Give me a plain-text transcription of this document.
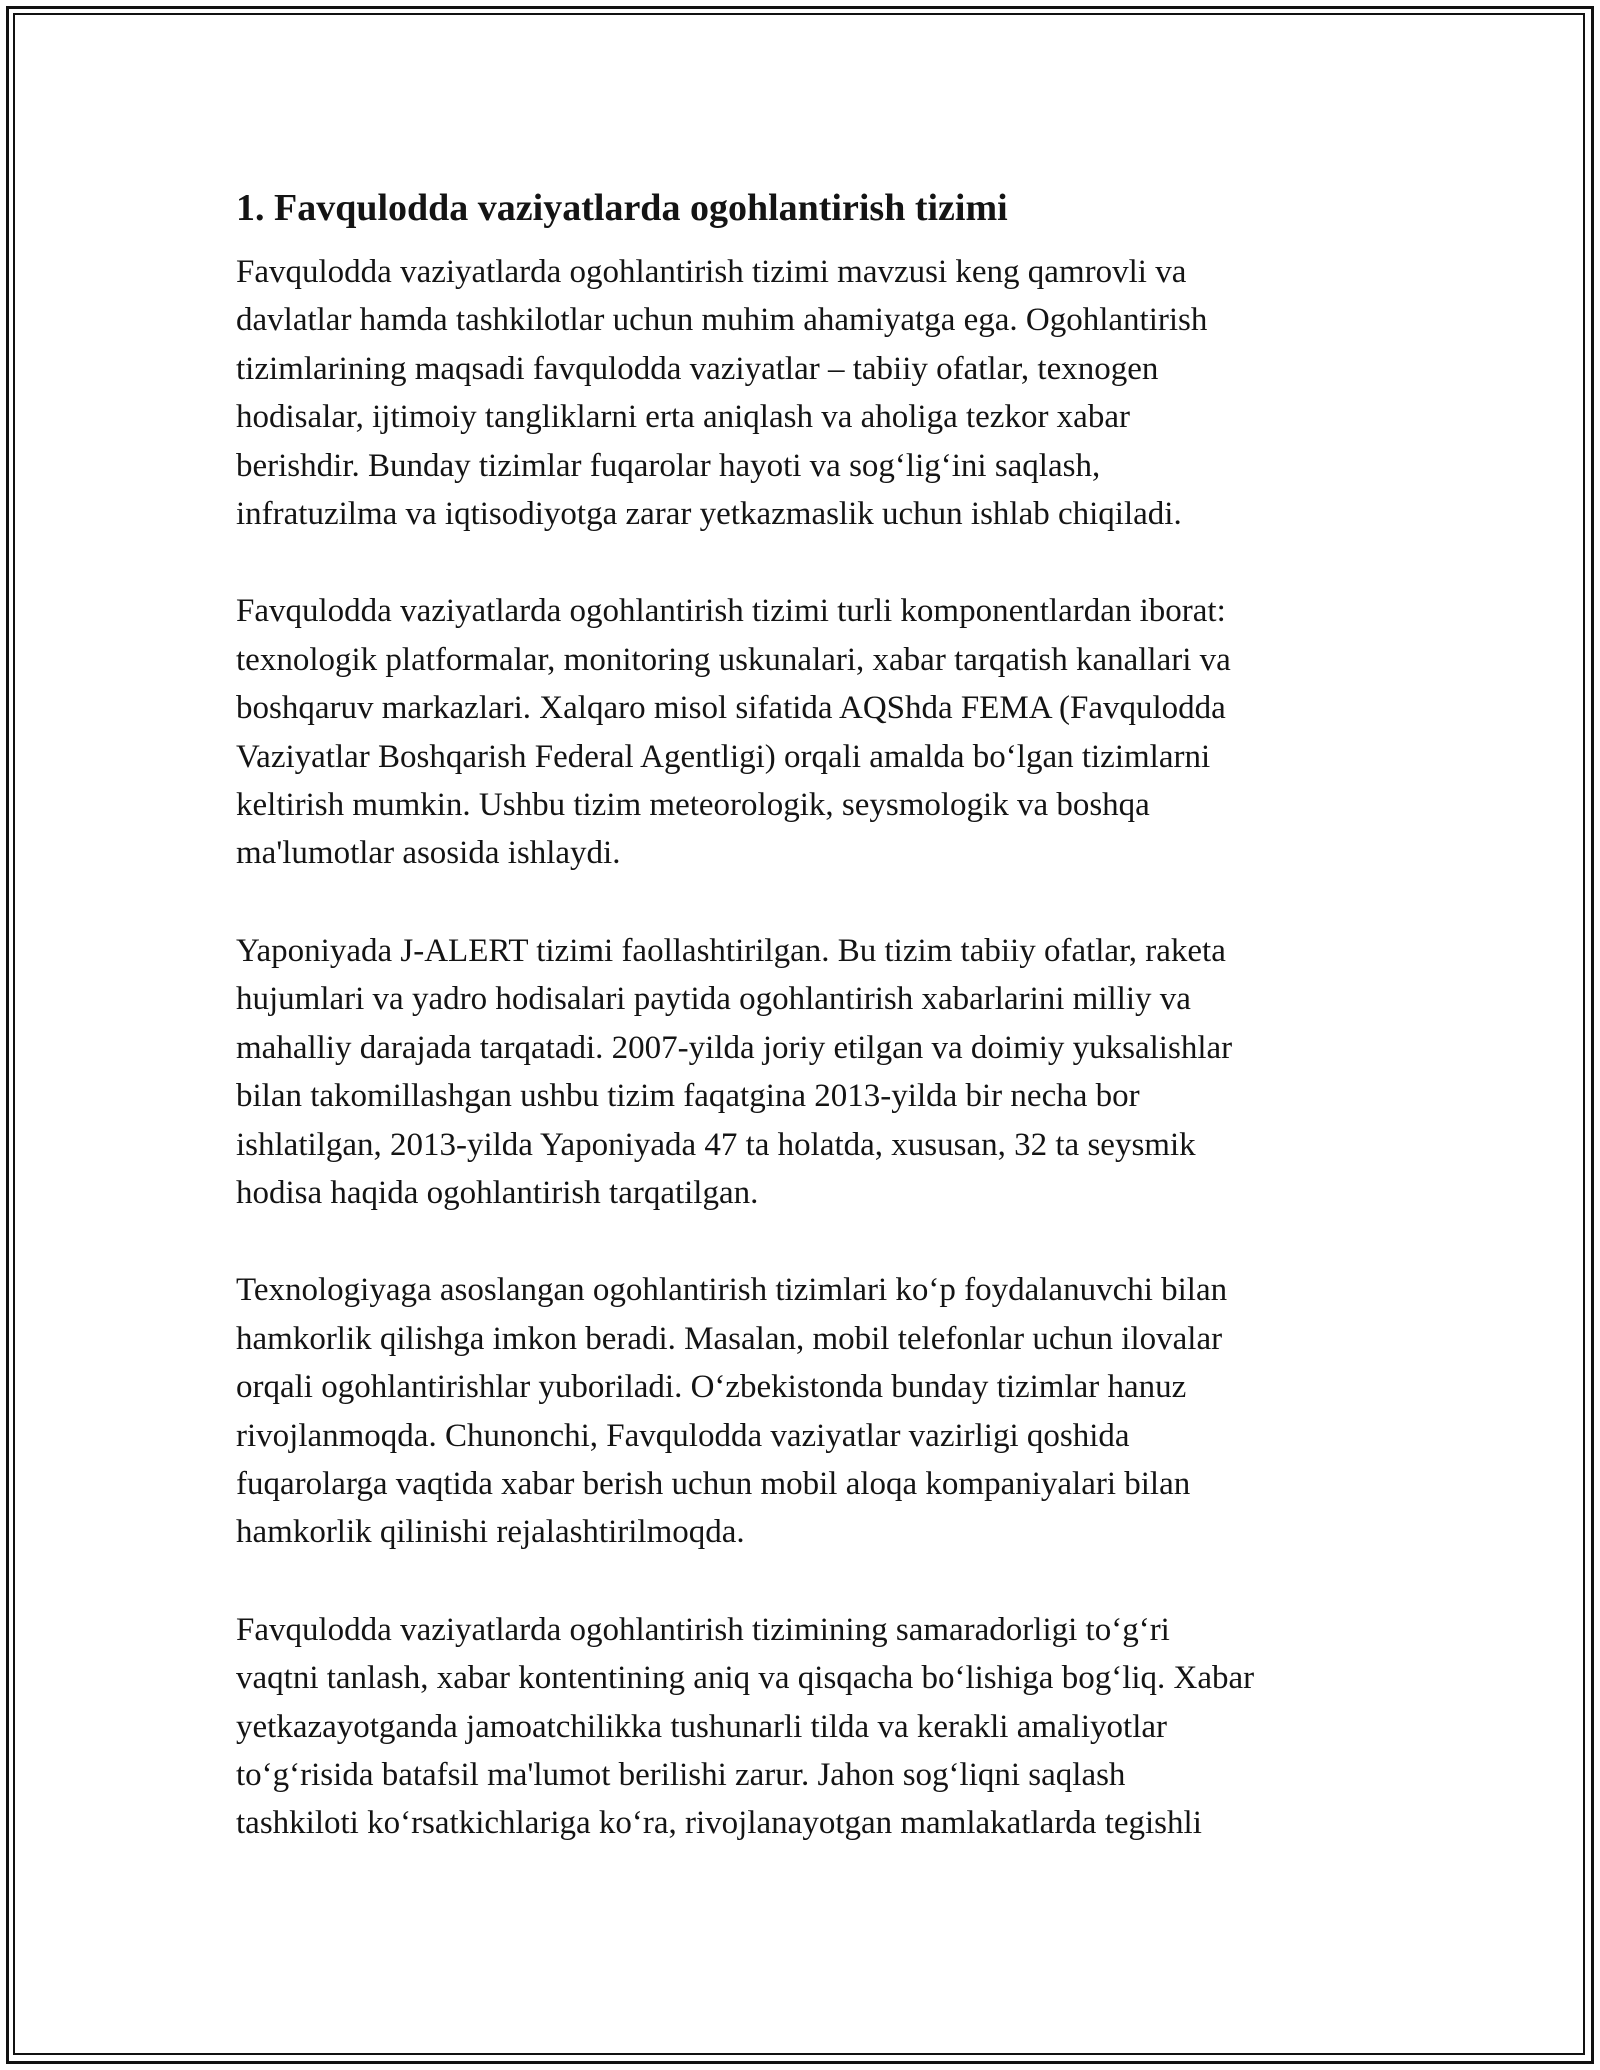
1. Favqulodda vaziyatlarda ogohlantirish tizimi

Favqulodda vaziyatlarda ogohlantirish tizimi mavzusi keng qamrovli va
davlatlar hamda tashkilotlar uchun muhim ahamiyatga ega. Ogohlantirish
tizimlarining maqsadi favqulodda vaziyatlar – tabiiy ofatlar, texnogen
hodisalar, ijtimoiy tangliklarni erta aniqlash va aholiga tezkor xabar
berishdir. Bunday tizimlar fuqarolar hayoti va sog‘lig‘ini saqlash,
infratuzilma va iqtisodiyotga zarar yetkazmaslik uchun ishlab chiqiladi.

Favqulodda vaziyatlarda ogohlantirish tizimi turli komponentlardan iborat:
texnologik platformalar, monitoring uskunalari, xabar tarqatish kanallari va
boshqaruv markazlari. Xalqaro misol sifatida AQShda FEMA (Favqulodda
Vaziyatlar Boshqarish Federal Agentligi) orqali amalda bo‘lgan tizimlarni
keltirish mumkin. Ushbu tizim meteorologik, seysmologik va boshqa
ma'lumotlar asosida ishlaydi.

Yaponiyada J-ALERT tizimi faollashtirilgan. Bu tizim tabiiy ofatlar, raketa
hujumlari va yadro hodisalari paytida ogohlantirish xabarlarini milliy va
mahalliy darajada tarqatadi. 2007-yilda joriy etilgan va doimiy yuksalishlar
bilan takomillashgan ushbu tizim faqatgina 2013-yilda bir necha bor
ishlatilgan, 2013-yilda Yaponiyada 47 ta holatda, xususan, 32 ta seysmik
hodisa haqida ogohlantirish tarqatilgan.

Texnologiyaga asoslangan ogohlantirish tizimlari ko‘p foydalanuvchi bilan
hamkorlik qilishga imkon beradi. Masalan, mobil telefonlar uchun ilovalar
orqali ogohlantirishlar yuboriladi. O‘zbekistonda bunday tizimlar hanuz
rivojlanmoqda. Chunonchi, Favqulodda vaziyatlar vazirligi qoshida
fuqarolarga vaqtida xabar berish uchun mobil aloqa kompaniyalari bilan
hamkorlik qilinishi rejalashtirilmoqda.

Favqulodda vaziyatlarda ogohlantirish tizimining samaradorligi to‘g‘ri
vaqtni tanlash, xabar kontentining aniq va qisqacha bo‘lishiga bog‘liq. Xabar
yetkazayotganda jamoatchilikka tushunarli tilda va kerakli amaliyotlar
to‘g‘risida batafsil ma'lumot berilishi zarur. Jahon sog‘liqni saqlash
tashkiloti ko‘rsatkichlariga ko‘ra, rivojlanayotgan mamlakatlarda tegishli
